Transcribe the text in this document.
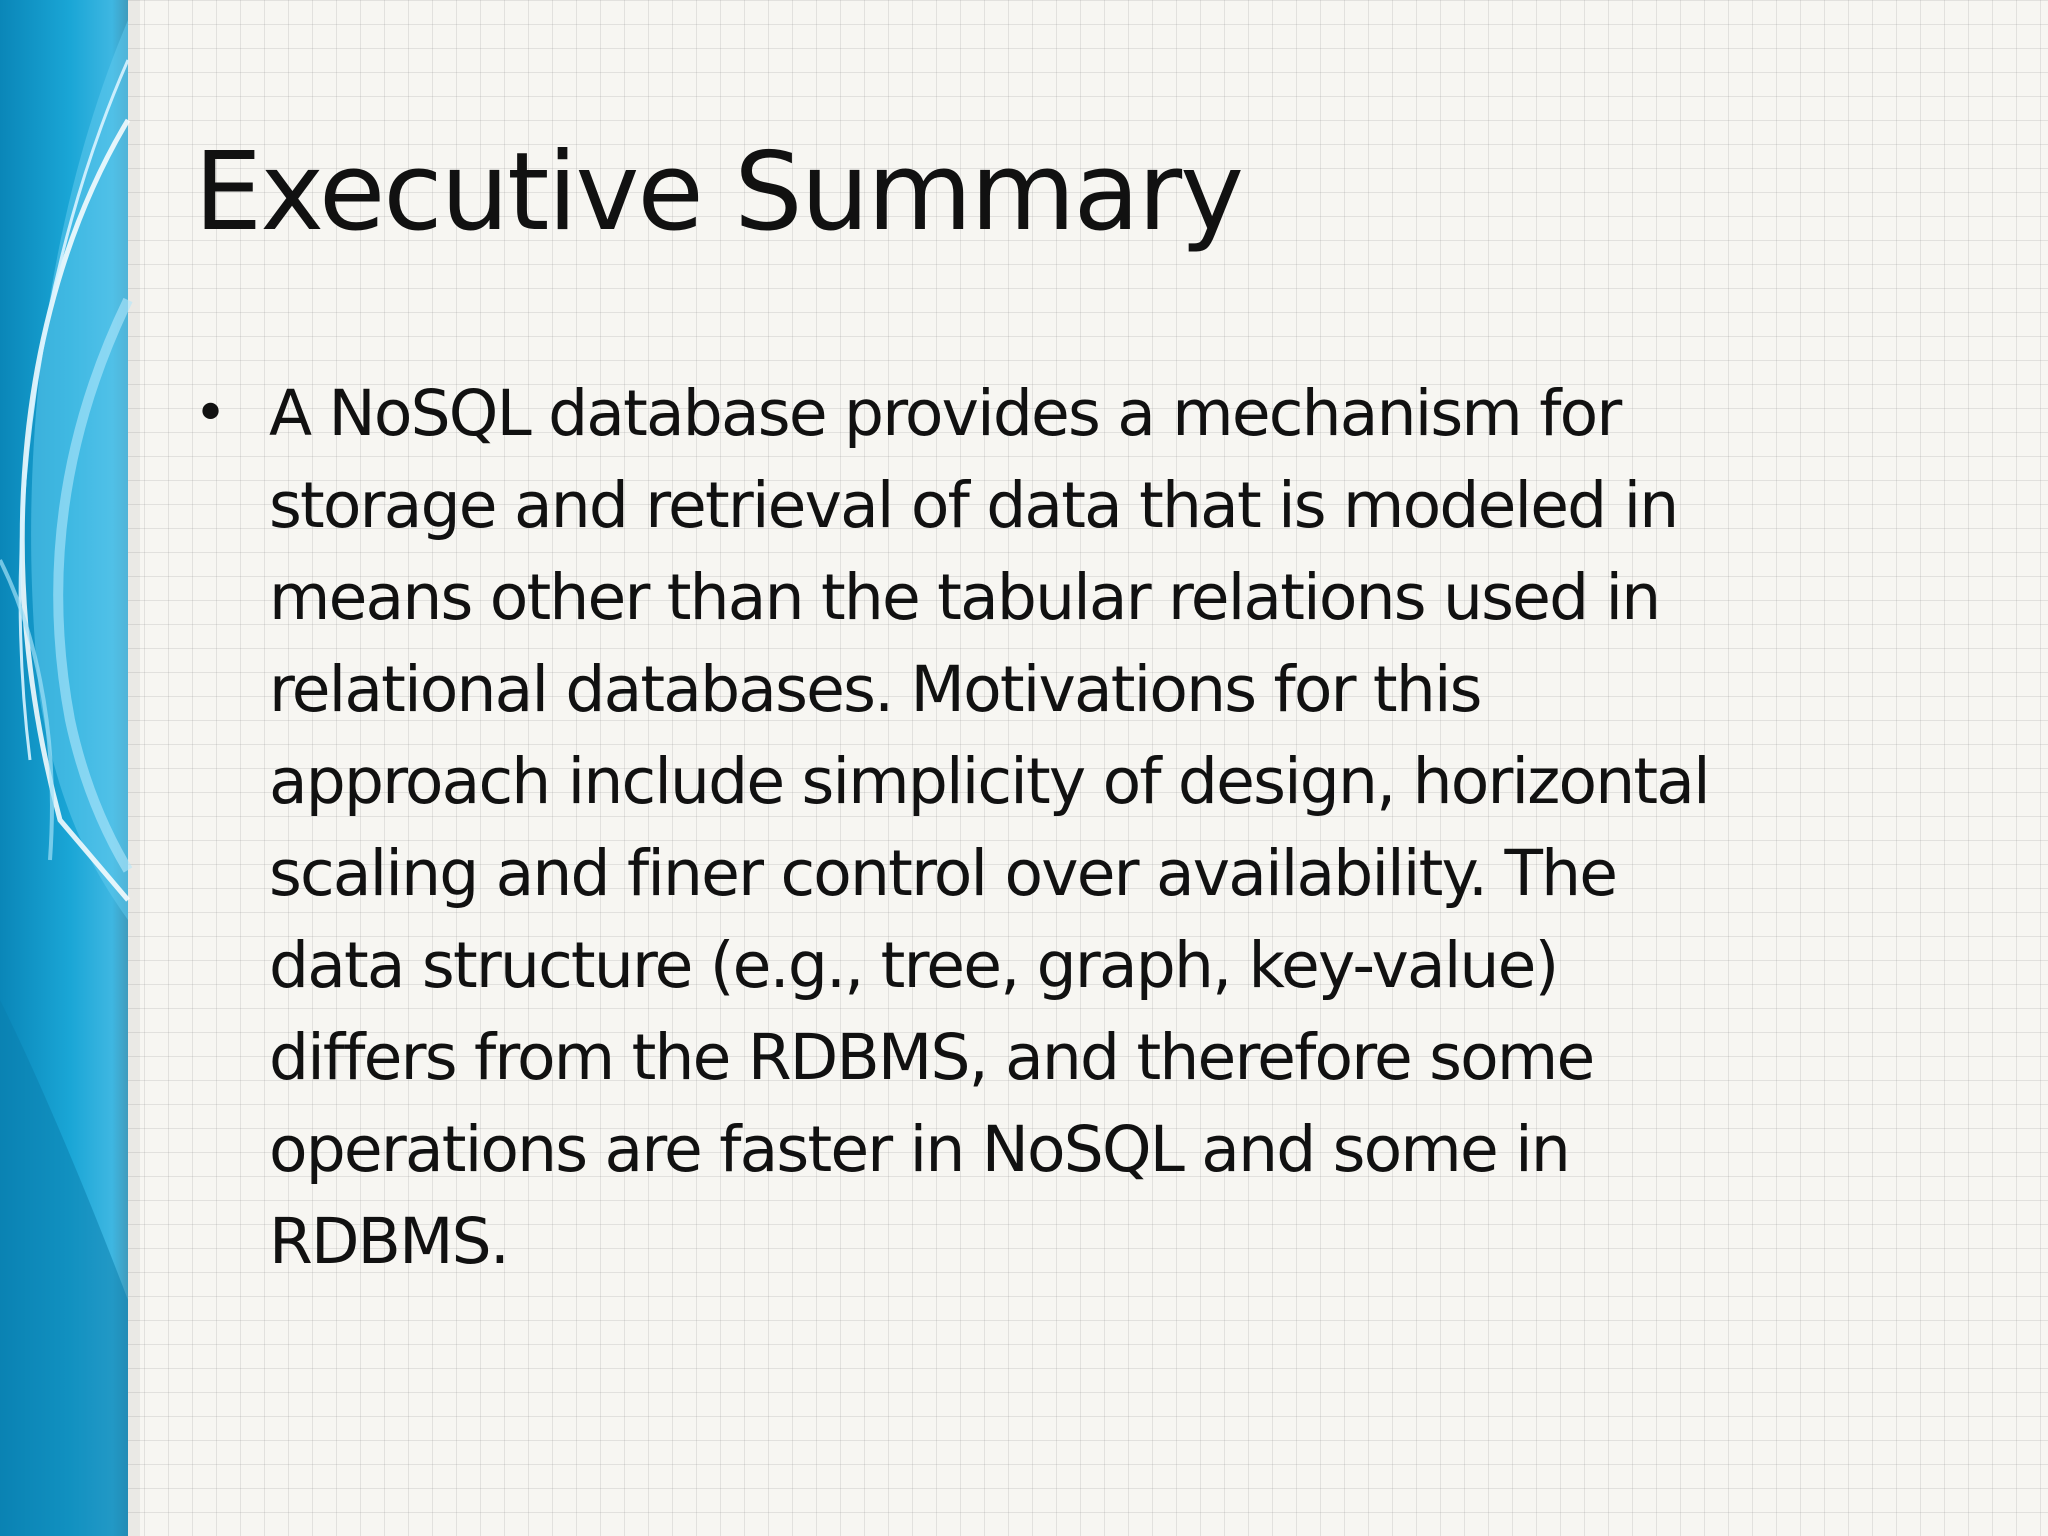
Executive Summary
• A NoSQL database provides a mechanism for
storage and retrieval of data that is modeled in
means other than the tabular relations used in
relational databases. Motivations for this
approach include simplicity of design, horizontal
scaling and finer control over availability. The
data structure (e.g., tree, graph, key-value)
differs from the RDBMS, and therefore some
operations are faster in NoSQL and some in
RDBMS.
